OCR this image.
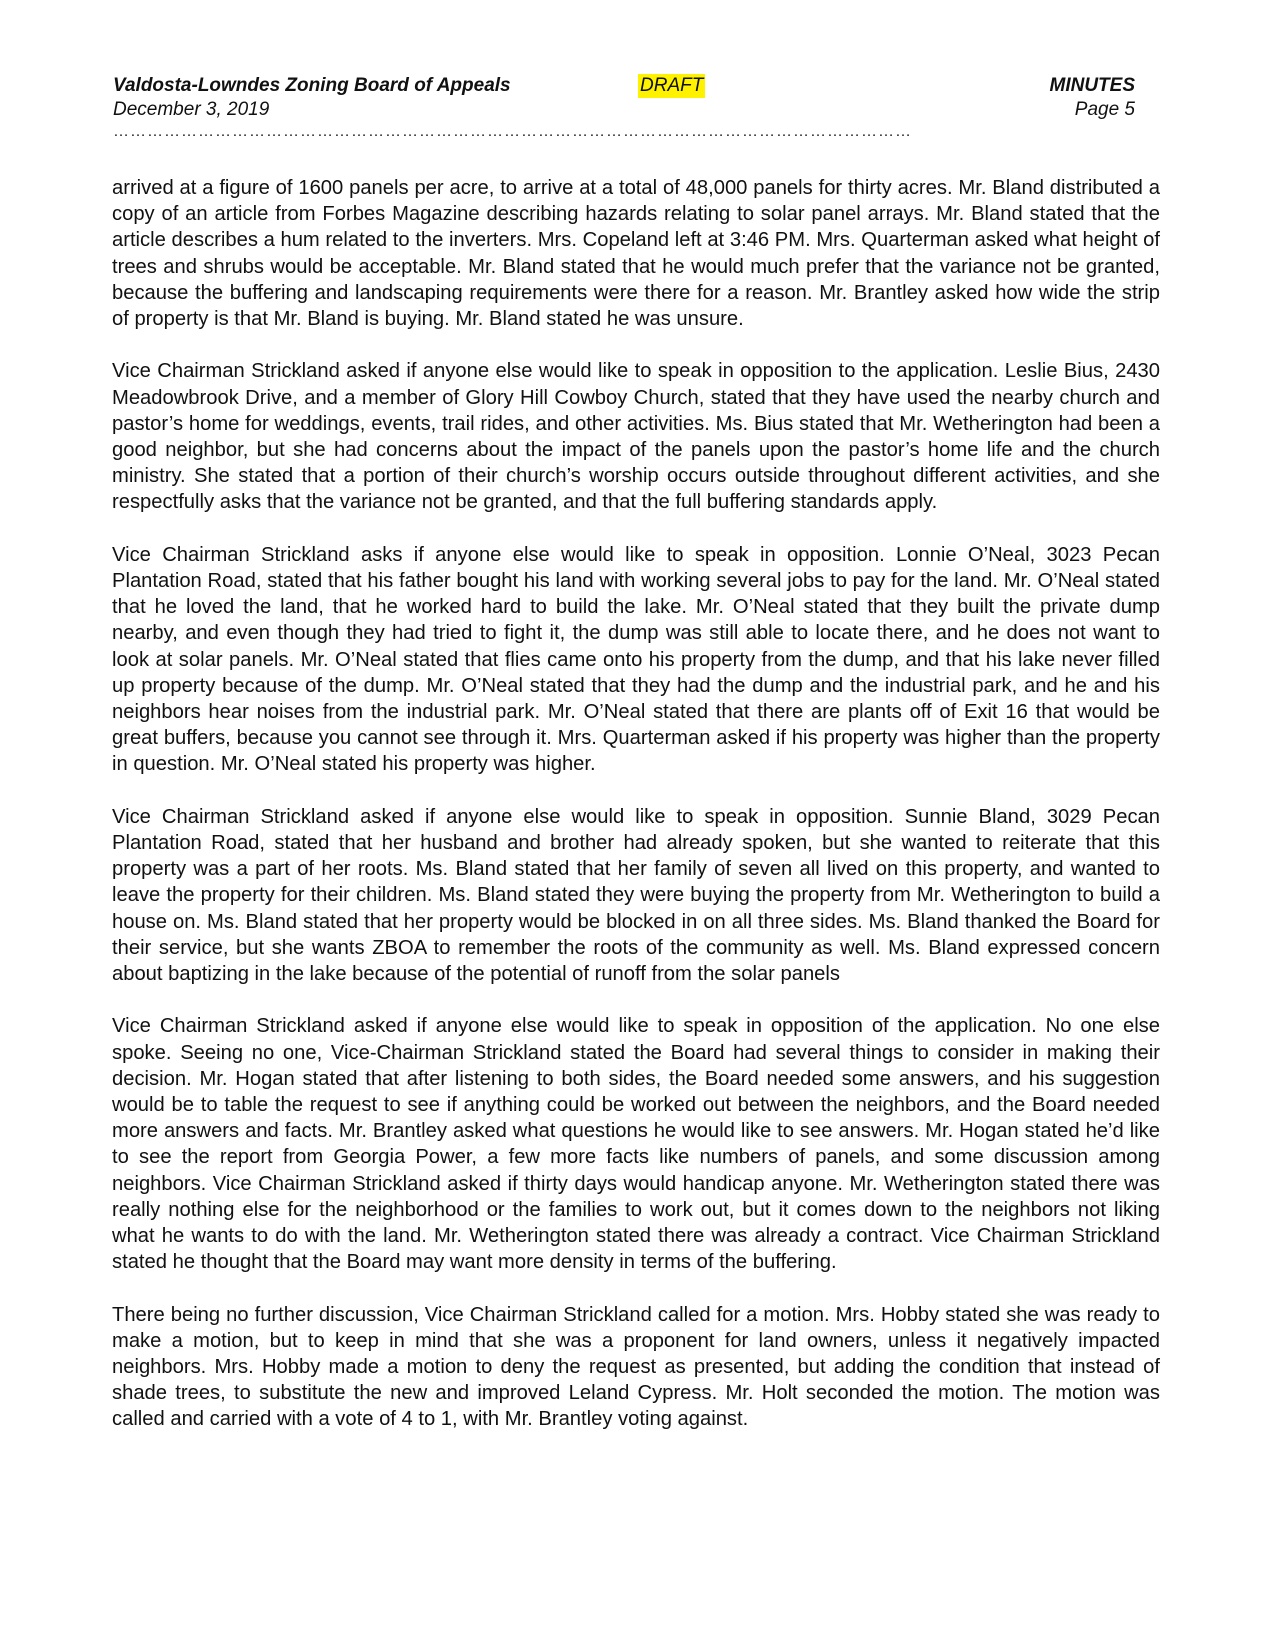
Valdosta-Lowndes Zoning Board of Appeals	DRAFT	MINUTES
December 3, 2019	Page 5
……………………………………………………………………………………………………………………………

arrived at a figure of 1600 panels per acre, to arrive at a total of 48,000 panels for thirty acres. Mr. Bland distributed a copy of an article from Forbes Magazine describing hazards relating to solar panel arrays. Mr. Bland stated that the article describes a hum related to the inverters. Mrs. Copeland left at 3:46 PM. Mrs. Quarterman asked what height of trees and shrubs would be acceptable. Mr. Bland stated that he would much prefer that the variance not be granted, because the buffering and landscaping requirements were there for a reason. Mr. Brantley asked how wide the strip of property is that Mr. Bland is buying. Mr. Bland stated he was unsure.

Vice Chairman Strickland asked if anyone else would like to speak in opposition to the application. Leslie Bius, 2430 Meadowbrook Drive, and a member of Glory Hill Cowboy Church, stated that they have used the nearby church and pastor’s home for weddings, events, trail rides, and other activities. Ms. Bius stated that Mr. Wetherington had been a good neighbor, but she had concerns about the impact of the panels upon the pastor’s home life and the church ministry. She stated that a portion of their church’s worship occurs outside throughout different activities, and she respectfully asks that the variance not be granted, and that the full buffering standards apply.

Vice Chairman Strickland asks if anyone else would like to speak in opposition. Lonnie O’Neal, 3023 Pecan Plantation Road, stated that his father bought his land with working several jobs to pay for the land. Mr. O’Neal stated that he loved the land, that he worked hard to build the lake. Mr. O’Neal stated that they built the private dump nearby, and even though they had tried to fight it, the dump was still able to locate there, and he does not want to look at solar panels. Mr. O’Neal stated that flies came onto his property from the dump, and that his lake never filled up property because of the dump. Mr. O’Neal stated that they had the dump and the industrial park, and he and his neighbors hear noises from the industrial park. Mr. O’Neal stated that there are plants off of Exit 16 that would be great buffers, because you cannot see through it. Mrs. Quarterman asked if his property was higher than the property in question. Mr. O’Neal stated his property was higher.

Vice Chairman Strickland asked if anyone else would like to speak in opposition. Sunnie Bland, 3029 Pecan Plantation Road, stated that her husband and brother had already spoken, but she wanted to reiterate that this property was a part of her roots. Ms. Bland stated that her family of seven all lived on this property, and wanted to leave the property for their children. Ms. Bland stated they were buying the property from Mr. Wetherington to build a house on. Ms. Bland stated that her property would be blocked in on all three sides. Ms. Bland thanked the Board for their service, but she wants ZBOA to remember the roots of the community as well. Ms. Bland expressed concern about baptizing in the lake because of the potential of runoff from the solar panels

Vice Chairman Strickland asked if anyone else would like to speak in opposition of the application. No one else spoke. Seeing no one, Vice-Chairman Strickland stated the Board had several things to consider in making their decision. Mr. Hogan stated that after listening to both sides, the Board needed some answers, and his suggestion would be to table the request to see if anything could be worked out between the neighbors, and the Board needed more answers and facts. Mr. Brantley asked what questions he would like to see answers. Mr. Hogan stated he’d like to see the report from Georgia Power, a few more facts like numbers of panels, and some discussion among neighbors. Vice Chairman Strickland asked if thirty days would handicap anyone. Mr. Wetherington stated there was really nothing else for the neighborhood or the families to work out, but it comes down to the neighbors not liking what he wants to do with the land. Mr. Wetherington stated there was already a contract. Vice Chairman Strickland stated he thought that the Board may want more density in terms of the buffering.

There being no further discussion, Vice Chairman Strickland called for a motion. Mrs. Hobby stated she was ready to make a motion, but to keep in mind that she was a proponent for land owners, unless it negatively impacted neighbors. Mrs. Hobby made a motion to deny the request as presented, but adding the condition that instead of shade trees, to substitute the new and improved Leland Cypress. Mr. Holt seconded the motion. The motion was called and carried with a vote of 4 to 1, with Mr. Brantley voting against.
